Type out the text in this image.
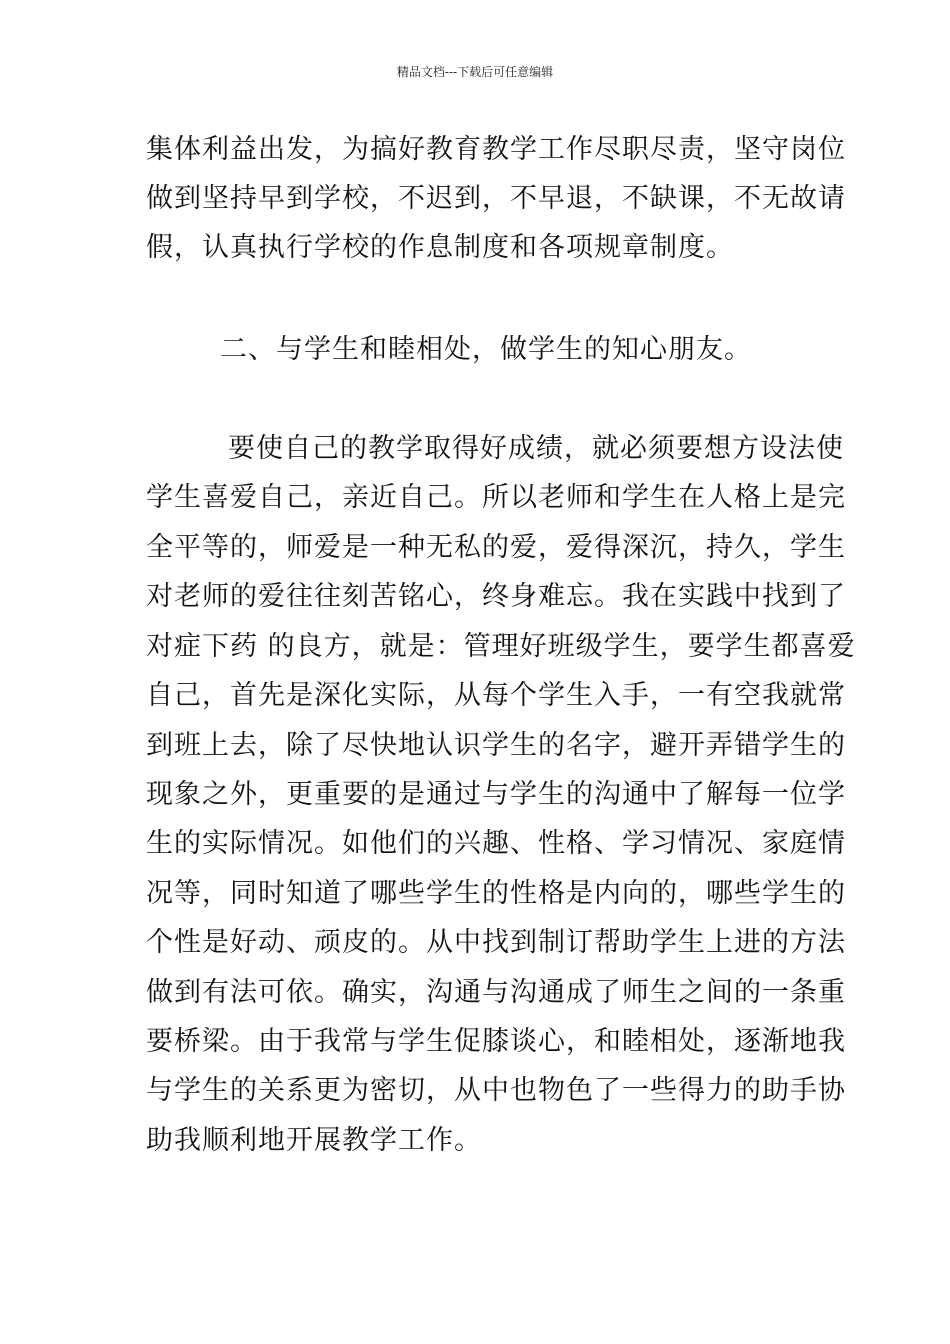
精品文档---下载后可任意编辑
集体利益出发，为搞好教育教学工作尽职尽责，坚守岗位
做到坚持早到学校，不迟到，不早退，不缺课，不无故请
假，认真执行学校的作息制度和各项规章制度。
二、与学生和睦相处，做学生的知心朋友。
要使自己的教学取得好成绩，就必须要想方设法使
学生喜爱自己，亲近自己。所以老师和学生在人格上是完
全平等的，师爱是一种无私的爱，爱得深沉，持久，学生
对老师的爱往往刻苦铭心，终身难忘。我在实践中找到了
对症下药 的良方，就是：管理好班级学生，要学生都喜爱
自己，首先是深化实际，从每个学生入手，一有空我就常
到班上去，除了尽快地认识学生的名字，避开弄错学生的
现象之外，更重要的是通过与学生的沟通中了解每一位学
生的实际情况。如他们的兴趣、性格、学习情况、家庭情
况等，同时知道了哪些学生的性格是内向的，哪些学生的
个性是好动、顽皮的。从中找到制订帮助学生上进的方法
做到有法可依。确实，沟通与沟通成了师生之间的一条重
要桥梁。由于我常与学生促膝谈心，和睦相处，逐渐地我
与学生的关系更为密切，从中也物色了一些得力的助手协
助我顺利地开展教学工作。
